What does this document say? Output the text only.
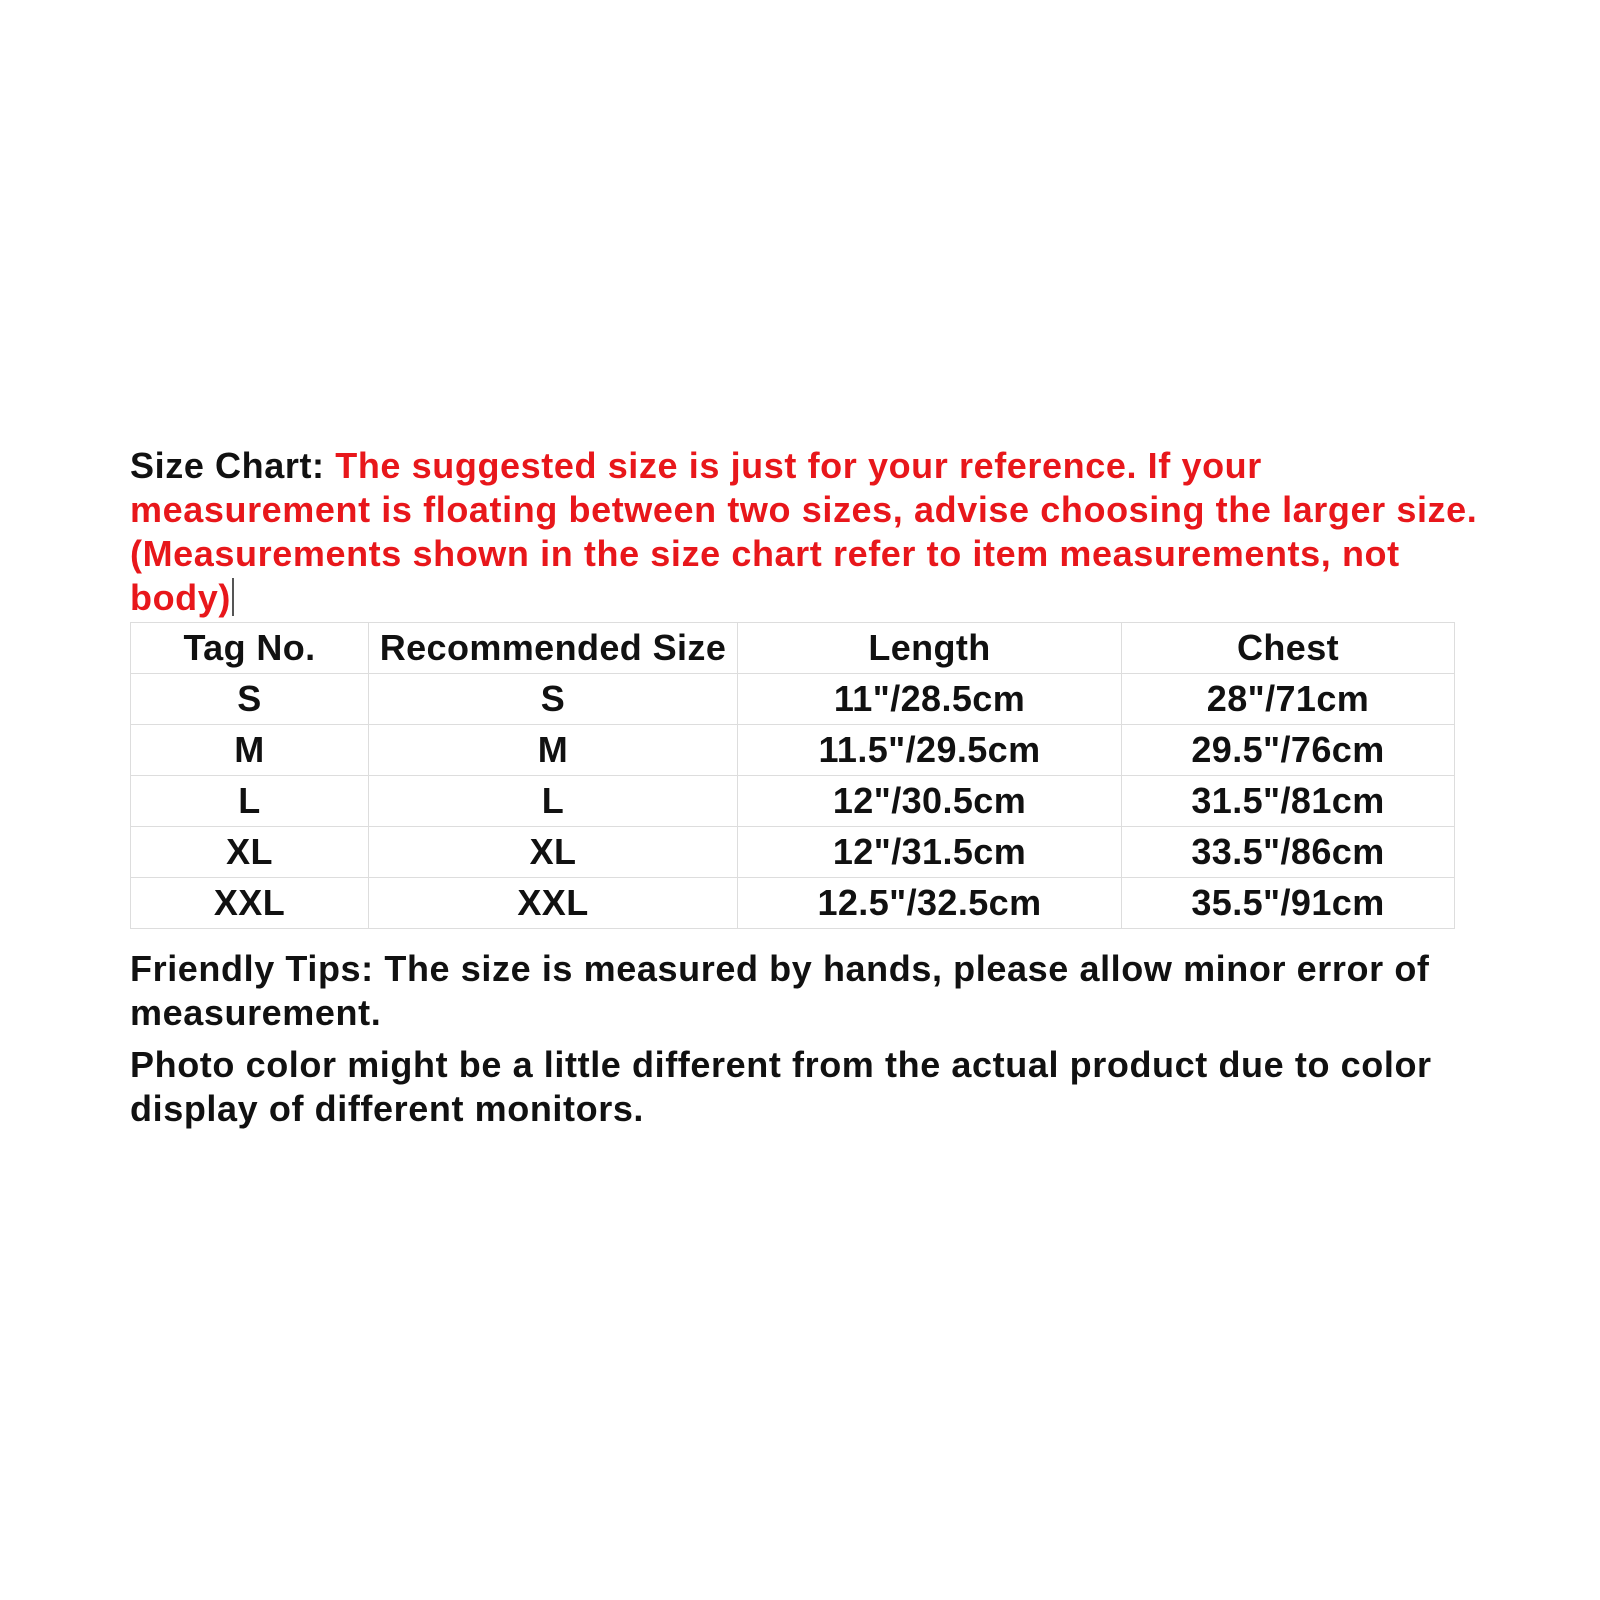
Size Chart: The suggested size is just for your reference. If your measurement is floating between two sizes, advise choosing the larger size. (Measurements shown in the size chart refer to item measurements, not body)

Tag No.	Recommended Size	Length	Chest
S	S	11"/28.5cm	28"/71cm
M	M	11.5"/29.5cm	29.5"/76cm
L	L	12"/30.5cm	31.5"/81cm
XL	XL	12"/31.5cm	33.5"/86cm
XXL	XXL	12.5"/32.5cm	35.5"/91cm

Friendly Tips: The size is measured by hands, please allow minor error of measurement.

Photo color might be a little different from the actual product due to color display of different monitors.
